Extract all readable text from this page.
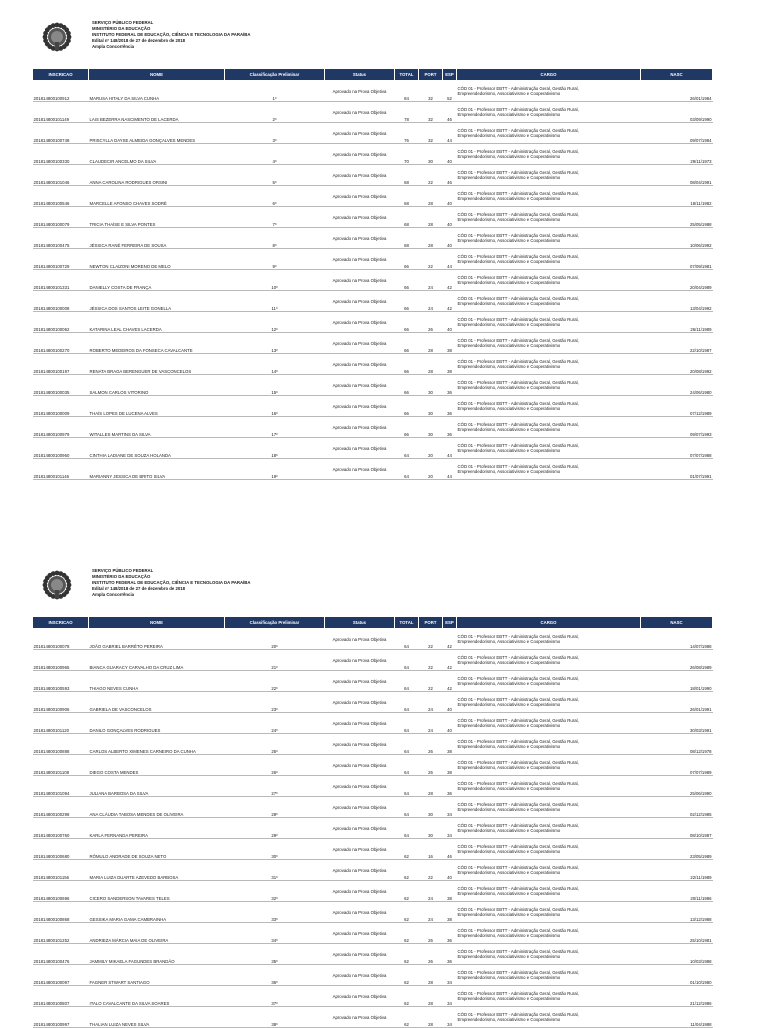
SERVIÇO PÚBLICO FEDERAL
MINISTÉRIO DA EDUCAÇÃO
INSTITUTO FEDERAL DE EDUCAÇÃO, CIÊNCIA E TECNOLOGIA DA PARAÍBA
Edital nº 148/2018 de 27 de dezembro de 2018
Ampla Concorrência
INSCRICAO	NOME	Classificação Preliminar	Status	TOTAL	PORT	ESP	CARGO	NASC
201814800100912	MARUSA HITALY DA SILVA CUNHA	1º	Aprovado na Prova Objetiva	84	32	52	CÓD 01 - Professor EBTT - Administração Geral, Gestão Rural,
Empreendedorismo, Associativismo e Cooperativismo	26/01/1984
201814800101149	LAIS BEZERRA NASCIMENTO DE LACERDA	2º	Aprovado na Prova Objetiva	78	32	46	CÓD 01 - Professor EBTT - Administração Geral, Gestão Rural,
Empreendedorismo, Associativismo e Cooperativismo	03/09/1990
201814800100748	PRISCYLLA DAYSE ALMEIDA GONÇALVES MENDES	3º	Aprovado na Prova Objetiva	76	32	44	CÓD 01 - Professor EBTT - Administração Geral, Gestão Rural,
Empreendedorismo, Associativismo e Cooperativismo	09/07/1984
201814800100330	CLAUDECIR ANCELMO DA SILVA	4º	Aprovado na Prova Objetiva	70	30	40	CÓD 01 - Professor EBTT - Administração Geral, Gestão Rural,
Empreendedorismo, Associativismo e Cooperativismo	29/11/1973
201814800101046	ANNA CAROLINA RODRIGUES ORSINI	5º	Aprovado na Prova Objetiva	68	22	46	CÓD 01 - Professor EBTT - Administração Geral, Gestão Rural,
Empreendedorismo, Associativismo e Cooperativismo	08/04/1991
201814800100546	MARCELLE AFONSO CHAVES SODRÉ	6º	Aprovado na Prova Objetiva	68	28	40	CÓD 01 - Professor EBTT - Administração Geral, Gestão Rural,
Empreendedorismo, Associativismo e Cooperativismo	18/11/1982
201814800100079	TRICIA THAÍSE E SILVA PONTES	7º	Aprovado na Prova Objetiva	68	28	40	CÓD 01 - Professor EBTT - Administração Geral, Gestão Rural,
Empreendedorismo, Associativismo e Cooperativismo	25/05/1988
201814800100475	JÉSSICA RANÉ FERREIRA DE SOUSA	8º	Aprovado na Prova Objetiva	68	28	40	CÓD 01 - Professor EBTT - Administração Geral, Gestão Rural,
Empreendedorismo, Associativismo e Cooperativismo	10/06/1992
201814800100729	NEWTON CLAIZONI MORENO DE MELO	9º	Aprovado na Prova Objetiva	66	22	44	CÓD 01 - Professor EBTT - Administração Geral, Gestão Rural,
Empreendedorismo, Associativismo e Cooperativismo	07/09/1981
201814800101331	DANIELLY COSTA DE FRANÇA	10º	Aprovado na Prova Objetiva	66	24	42	CÓD 01 - Professor EBTT - Administração Geral, Gestão Rural,
Empreendedorismo, Associativismo e Cooperativismo	20/04/1989
201814800100008	JÉSSICA DOS SANTOS LEITE GONELLA	11º	Aprovado na Prova Objetiva	66	24	42	CÓD 01 - Professor EBTT - Administração Geral, Gestão Rural,
Empreendedorismo, Associativismo e Cooperativismo	13/04/1992
201814800100062	KATARINA LEAL CHAVES LACERDA	12º	Aprovado na Prova Objetiva	66	26	40	CÓD 01 - Professor EBTT - Administração Geral, Gestão Rural,
Empreendedorismo, Associativismo e Cooperativismo	26/11/1989
201814800100270	ROBERTO MEDEIROS DA FONSECA CAVALCANTE	13º	Aprovado na Prova Objetiva	66	28	38	CÓD 01 - Professor EBTT - Administração Geral, Gestão Rural,
Empreendedorismo, Associativismo e Cooperativismo	22/10/1987
201814800100197	RENATA BRAGA BERENGUER DE VASCONCELOS	14º	Aprovado na Prova Objetiva	66	28	38	CÓD 01 - Professor EBTT - Administração Geral, Gestão Rural,
Empreendedorismo, Associativismo e Cooperativismo	20/08/1992
201814800100035	SALMON CARLOS VITORINO	15º	Aprovado na Prova Objetiva	66	30	36	CÓD 01 - Professor EBTT - Administração Geral, Gestão Rural,
Empreendedorismo, Associativismo e Cooperativismo	24/06/1980
201814800100009	THAÍS LOPES DE LUCENA ALVES	16º	Aprovado na Prova Objetiva	66	30	36	CÓD 01 - Professor EBTT - Administração Geral, Gestão Rural,
Empreendedorismo, Associativismo e Cooperativismo	07/12/1989
201814800100979	WITALLES MARTINS DA SILVA	17º	Aprovado na Prova Objetiva	66	30	36	CÓD 01 - Professor EBTT - Administração Geral, Gestão Rural,
Empreendedorismo, Associativismo e Cooperativismo	09/07/1993
201814800100960	CINTHIA LADIANE DE SOUZA HOLANDA	18º	Aprovado na Prova Objetiva	64	20	44	CÓD 01 - Professor EBTT - Administração Geral, Gestão Rural,
Empreendedorismo, Associativismo e Cooperativismo	07/07/1988
201814800101146	MARIANNY JESSICA DE BRITO SILVA	19º	Aprovado na Prova Objetiva	64	20	44	CÓD 01 - Professor EBTT - Administração Geral, Gestão Rural,
Empreendedorismo, Associativismo e Cooperativismo	01/07/1991
SERVIÇO PÚBLICO FEDERAL
MINISTÉRIO DA EDUCAÇÃO
INSTITUTO FEDERAL DE EDUCAÇÃO, CIÊNCIA E TECNOLOGIA DA PARAÍBA
Edital nº 148/2018 de 27 de dezembro de 2018
Ampla Concorrência
INSCRICAO	NOME	Classificação Preliminar	Status	TOTAL	PORT	ESP	CARGO	NASC
201814800100078	JOÃO GABRIEL BARRÊTO PEREIRA	20º	Aprovado na Prova Objetiva	64	22	42	CÓD 01 - Professor EBTT - Administração Geral, Gestão Rural,
Empreendedorismo, Associativismo e Cooperativismo	14/07/1988
201814800100965	BIANCA GUARACY CARVALHO DA CRUZ LIMA	21º	Aprovado na Prova Objetiva	64	22	42	CÓD 01 - Professor EBTT - Administração Geral, Gestão Rural,
Empreendedorismo, Associativismo e Cooperativismo	26/08/1989
201814800100593	THIAGO NEVES CUNHA	22º	Aprovado na Prova Objetiva	64	22	42	CÓD 01 - Professor EBTT - Administração Geral, Gestão Rural,
Empreendedorismo, Associativismo e Cooperativismo	18/01/1990
201814800100906	GABRIELA DE VASCONCELOS	23º	Aprovado na Prova Objetiva	64	24	40	CÓD 01 - Professor EBTT - Administração Geral, Gestão Rural,
Empreendedorismo, Associativismo e Cooperativismo	26/01/1991
201814800101120	DANILO GONÇALVES RODRIGUES	24º	Aprovado na Prova Objetiva	64	24	40	CÓD 01 - Professor EBTT - Administração Geral, Gestão Rural,
Empreendedorismo, Associativismo e Cooperativismo	30/03/1991
201814800100888	CARLOS ALBERTO XIMENES CARNEIRO DA CUNHA	25º	Aprovado na Prova Objetiva	64	26	38	CÓD 01 - Professor EBTT - Administração Geral, Gestão Rural,
Empreendedorismo, Associativismo e Cooperativismo	08/12/1978
201814800101108	DIEGO COSTA MENDES	26º	Aprovado na Prova Objetiva	64	26	38	CÓD 01 - Professor EBTT - Administração Geral, Gestão Rural,
Empreendedorismo, Associativismo e Cooperativismo	07/07/1989
201814800101094	JULIANA BARBOSA DA SILVA	27º	Aprovado na Prova Objetiva	64	28	36	CÓD 01 - Professor EBTT - Administração Geral, Gestão Rural,
Empreendedorismo, Associativismo e Cooperativismo	25/06/1990
201814800100298	ANA CLÁUDIA TABOSA MENDES DE OLIVEIRA	28º	Aprovado na Prova Objetiva	64	30	34	CÓD 01 - Professor EBTT - Administração Geral, Gestão Rural,
Empreendedorismo, Associativismo e Cooperativismo	02/12/1985
201814800100760	KARLA FERNANDA PEREIRA	29º	Aprovado na Prova Objetiva	64	30	34	CÓD 01 - Professor EBTT - Administração Geral, Gestão Rural,
Empreendedorismo, Associativismo e Cooperativismo	08/10/1987
201814800100680	RÔMULO ANDRADE DE SOUZA NETO	30º	Aprovado na Prova Objetiva	62	16	46	CÓD 01 - Professor EBTT - Administração Geral, Gestão Rural,
Empreendedorismo, Associativismo e Cooperativismo	23/05/1989
201814800101156	MARIA LUIZA DUARTE AZEVEDO BARBOSA	31º	Aprovado na Prova Objetiva	62	22	40	CÓD 01 - Professor EBTT - Administração Geral, Gestão Rural,
Empreendedorismo, Associativismo e Cooperativismo	22/11/1989
201814800100696	CICERO SANDERSON TAVARES TELES	32º	Aprovado na Prova Objetiva	62	24	38	CÓD 01 - Professor EBTT - Administração Geral, Gestão Rural,
Empreendedorismo, Associativismo e Cooperativismo	20/11/1986
201814800100868	GESSIKA MARIA GAMA CAMBRAINHA	33º	Aprovado na Prova Objetiva	62	24	38	CÓD 01 - Professor EBTT - Administração Geral, Gestão Rural,
Empreendedorismo, Associativismo e Cooperativismo	13/12/1988
201814800101252	ANDRIEZA MÁRCIA MAIA DE OLIVEIRA	34º	Aprovado na Prova Objetiva	62	26	36	CÓD 01 - Professor EBTT - Administração Geral, Gestão Rural,
Empreendedorismo, Associativismo e Cooperativismo	25/10/1981
201814800100476	JAMMILY MIKAELA FAGUNDES BRANDÃO	35º	Aprovado na Prova Objetiva	62	26	36	CÓD 01 - Professor EBTT - Administração Geral, Gestão Rural,
Empreendedorismo, Associativismo e Cooperativismo	10/03/1988
201814800100097	FAGNER STWART SANTIAGO	36º	Aprovado na Prova Objetiva	62	28	34	CÓD 01 - Professor EBTT - Administração Geral, Gestão Rural,
Empreendedorismo, Associativismo e Cooperativismo	01/10/1980
201814800100807	ITALO CAVALCANTE DA SILVA SOARES	37º	Aprovado na Prova Objetiva	62	28	34	CÓD 01 - Professor EBTT - Administração Geral, Gestão Rural,
Empreendedorismo, Associativismo e Cooperativismo	21/12/1986
201814800100997	THALIAN LUIZA NEVES SILVA	38º	Aprovado na Prova Objetiva	62	28	34	CÓD 01 - Professor EBTT - Administração Geral, Gestão Rural,
Empreendedorismo, Associativismo e Cooperativismo	11/04/1988
